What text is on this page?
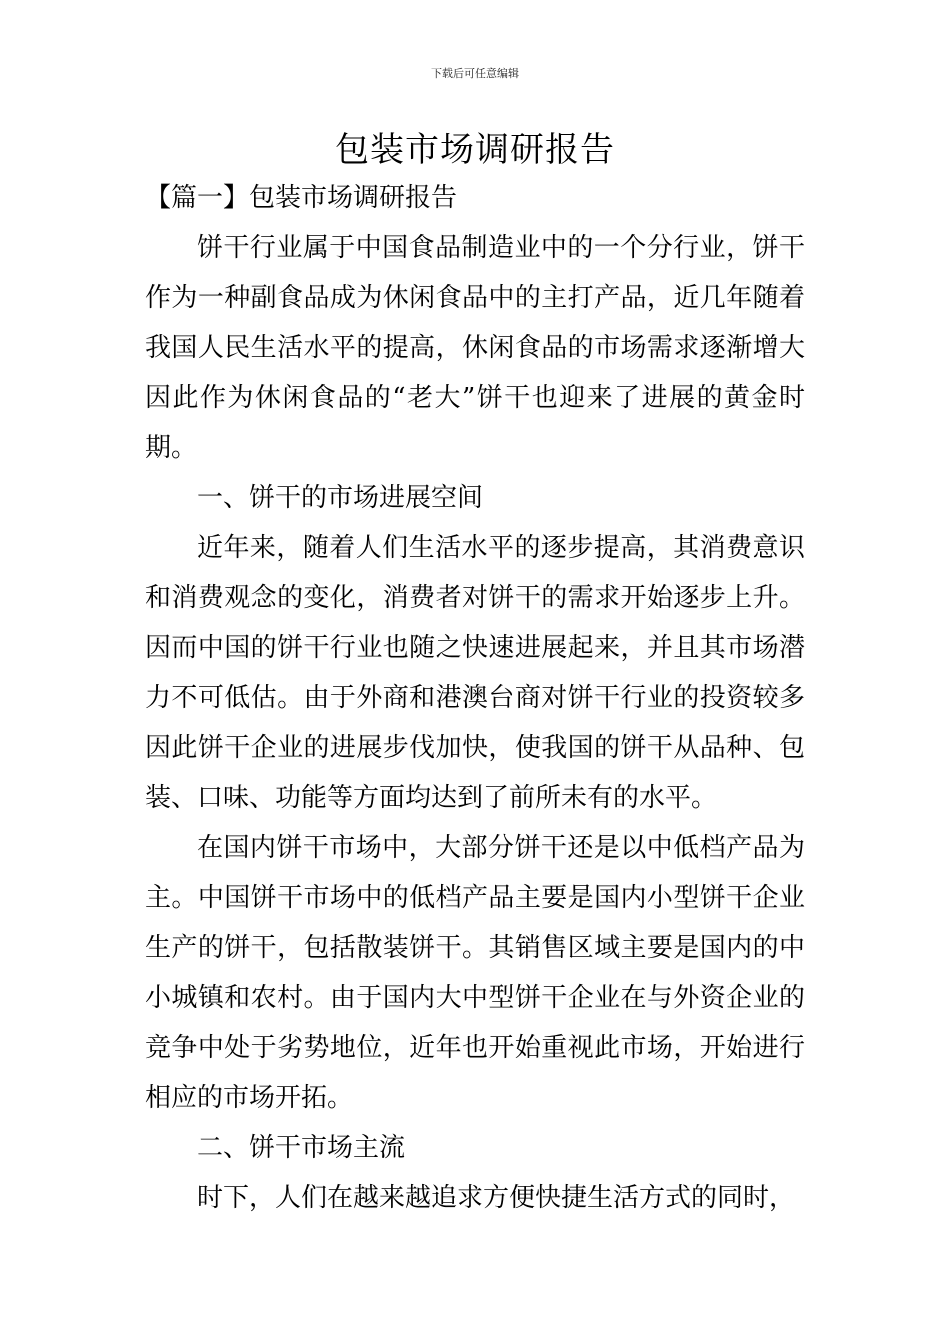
下载后可任意编辑
包装市场调研报告

【篇一】包装市场调研报告

饼干行业属于中国食品制造业中的一个分行业，饼干作为一种副食品成为休闲食品中的主打产品，近几年随着我国人民生活水平的提高，休闲食品的市场需求逐渐增大因此作为休闲食品的“老大”饼干也迎来了进展的黄金时期。

一、饼干的市场进展空间

近年来，随着人们生活水平的逐步提高，其消费意识和消费观念的变化，消费者对饼干的需求开始逐步上升。因而中国的饼干行业也随之快速进展起来，并且其市场潜力不可低估。由于外商和港澳台商对饼干行业的投资较多因此饼干企业的进展步伐加快，使我国的饼干从品种、包装、口味、功能等方面均达到了前所未有的水平。

在国内饼干市场中，大部分饼干还是以中低档产品为主。中国饼干市场中的低档产品主要是国内小型饼干企业生产的饼干，包括散装饼干。其销售区域主要是国内的中小城镇和农村。由于国内大中型饼干企业在与外资企业的竞争中处于劣势地位，近年也开始重视此市场，开始进行相应的市场开拓。

二、饼干市场主流

时下，人们在越来越追求方便快捷生活方式的同时，
